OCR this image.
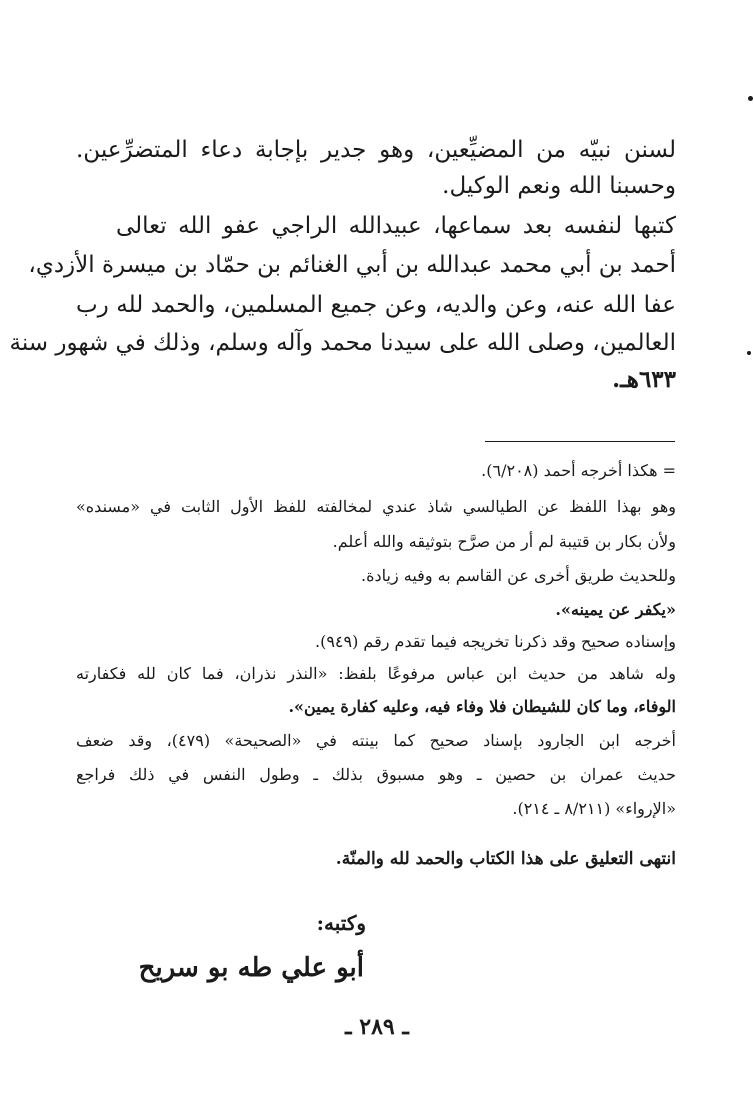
لسنن نبيّه من المضيِّعين، وهو جدير بإجابة دعاء المتضرِّعين.
وحسبنا الله ونعم الوكيل.
كتبها لنفسه بعد سماعها، عبيدالله الراجي عفو الله تعالى
أحمد بن أبي محمد عبدالله بن أبي الغنائم بن حمّاد بن ميسرة الأزدي،
عفا الله عنه، وعن والديه، وعن جميع المسلمين، والحمد لله رب
العالمين، وصلى الله على سيدنا محمد وآله وسلم، وذلك في شهور سنة
٦٣٣هـ.
= هكذا أخرجه أحمد (٦/٢٠٨).
وهو بهذا اللفظ عن الطيالسي شاذ عندي لمخالفته للفظ الأول الثابت في «مسنده»
ولأن بكار بن قتيبة لم أر من صرَّح بتوثيقه والله أعلم.
وللحديث طريق أخرى عن القاسم به وفيه زيادة.
«يكفر عن يمينه».
وإسناده صحيح وقد ذكرنا تخريجه فيما تقدم رقم (٩٤٩).
وله شاهد من حديث ابن عباس مرفوعًا بلفظ: «النذر نذران، فما كان لله فكفارته
الوفاء، وما كان للشيطان فلا وفاء فيه، وعليه كفارة يمين».
أخرجه ابن الجارود بإسناد صحيح كما بينته في «الصحيحة» (٤٧٩)، وقد ضعف
حديث عمران بن حصين ـ وهو مسبوق بذلك ـ وطول النفس في ذلك فراجع
«الإرواء» (٨/٢١١ ـ ٢١٤).
انتهى التعليق على هذا الكتاب والحمد لله والمنّة.
وكتبه:
أبو علي طه بو سريح
ـ ٢٨٩ ـ
